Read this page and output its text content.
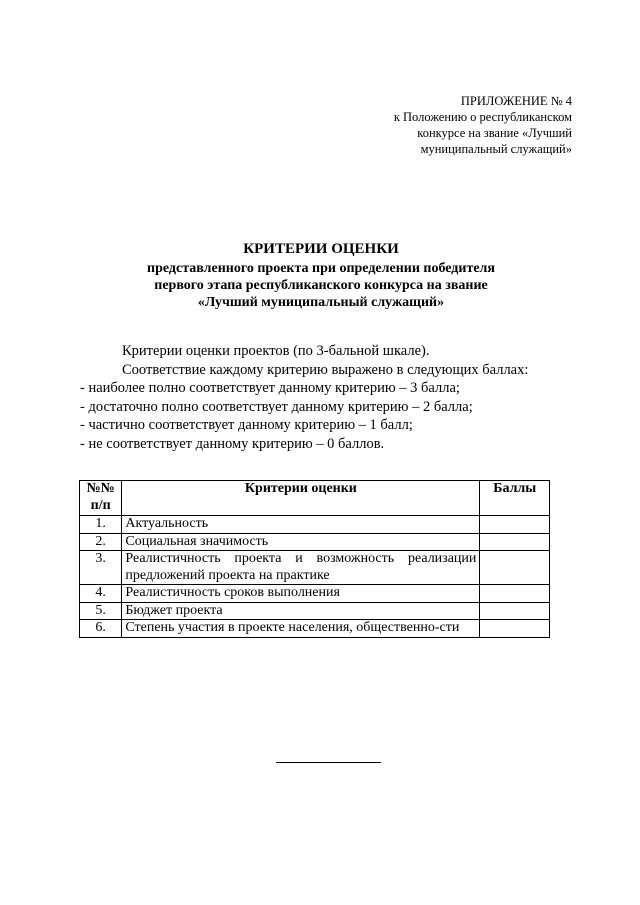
ПРИЛОЖЕНИЕ № 4
к Положению о республиканском
конкурсе на звание «Лучший
муниципальный служащий»
КРИТЕРИИ ОЦЕНКИ
представленного проекта при определении победителя
первого этапа республиканского конкурса на звание
«Лучший муниципальный служащий»
Критерии оценки проектов (по 3-бальной шкале).
Соответствие каждому критерию выражено в следующих баллах:
- наиболее полно соответствует данному критерию – 3 балла;
- достаточно полно соответствует данному критерию – 2 балла;
- частично соответствует данному критерию – 1 балл;
- не соответствует данному критерию – 0 баллов.
№№
п/п	Критерии оценки	Баллы
1.	Актуальность	
2.	Социальная значимость	
3.	Реалистичность проекта и возможность реализации предложений проекта на практике	
4.	Реалистичность сроков выполнения	
5.	Бюджет проекта	
6.	Степень участия в проекте населения, общественно-сти	
